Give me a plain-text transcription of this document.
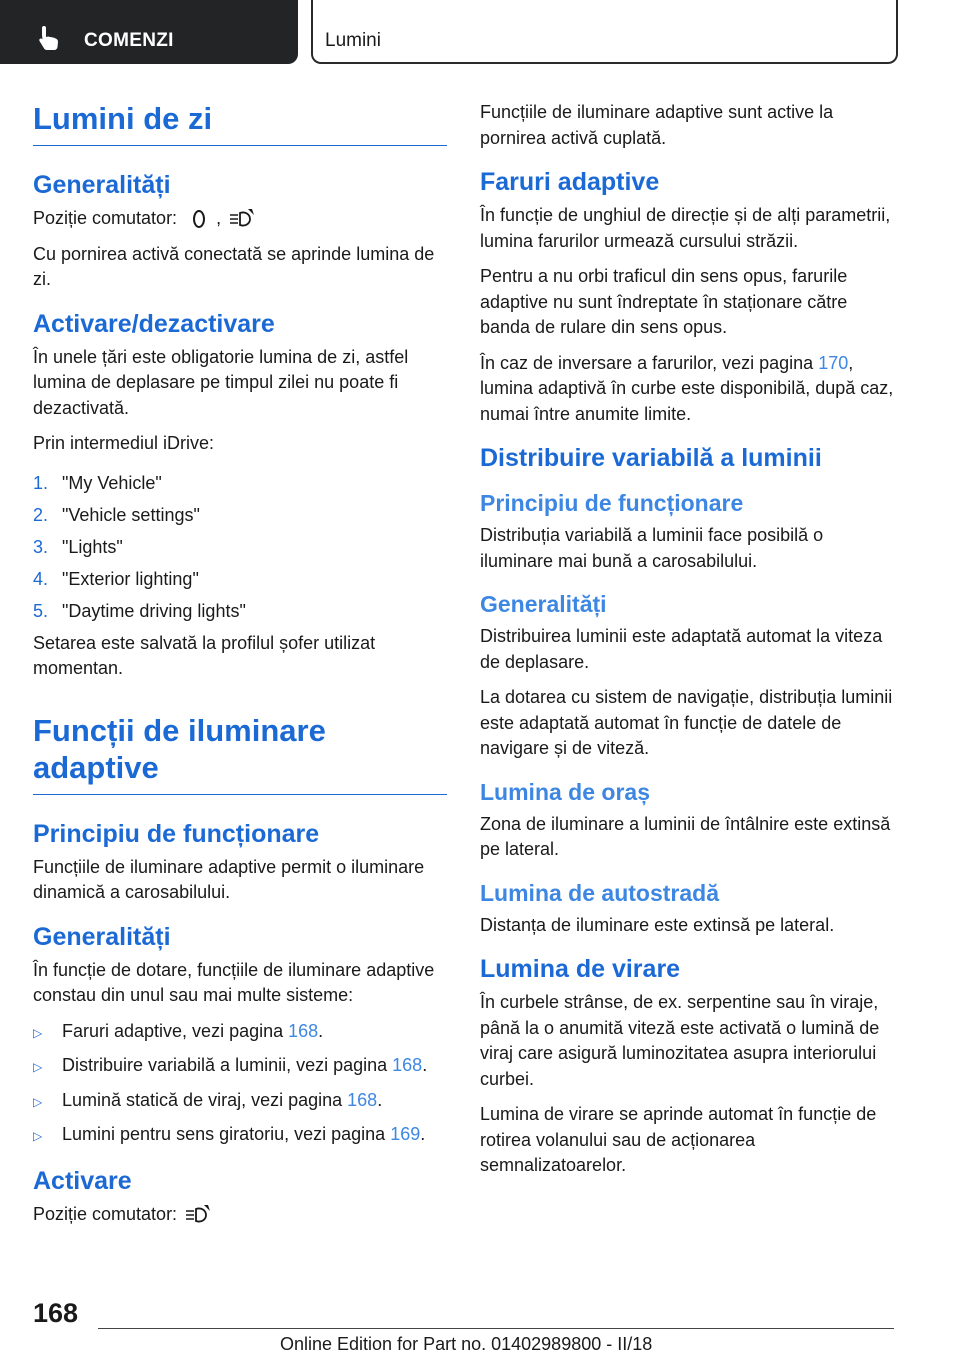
COMENZI	Lumini
Lumini de zi
Generalități

Poziție comutator: ,

Cu pornirea activă conectată se aprinde lumina de zi.

Activare/dezactivare

În unele țări este obligatorie lumina de zi, astfel lumina de deplasare pe timpul zilei nu poate fi dezactivată.

Prin intermediul iDrive:

1. "My Vehicle"
2. "Vehicle settings"
3. "Lights"
4. "Exterior lighting"
5. "Daytime driving lights"

Setarea este salvată la profilul șofer utilizat momentan.

Funcții de iluminare adaptive
Principiu de funcționare

Funcțiile de iluminare adaptive permit o iluminare dinamică a carosabilului.

Generalități

În funcție de dotare, funcțiile de iluminare adaptive constau din unul sau mai multe sisteme:

▷	Faruri adaptive, vezi pagina 168.
▷	Distribuire variabilă a luminii, vezi pagina 168.
▷	Lumină statică de viraj, vezi pagina 168.
▷	Lumini pentru sens giratoriu, vezi pagina 169.
Activare

Poziție comutator:

Funcțiile de iluminare adaptive sunt active la pornirea activă cuplată.

Faruri adaptive

În funcție de unghiul de direcție și de alți parametrii, lumina farurilor urmează cursului străzii.

Pentru a nu orbi traficul din sens opus, farurile adaptive nu sunt îndreptate în staționare către banda de rulare din sens opus.

În caz de inversare a farurilor, vezi pagina 170, lumina adaptivă în curbe este disponibilă, după caz, numai între anumite limite.

Distribuire variabilă a luminii
Principiu de funcționare

Distribuția variabilă a luminii face posibilă o iluminare mai bună a carosabilului.

Generalități

Distribuirea luminii este adaptată automat la viteza de deplasare.

La dotarea cu sistem de navigație, distribuția luminii este adaptată automat în funcție de datele de navigare și de viteză.

Lumina de oraș

Zona de iluminare a luminii de întâlnire este extinsă pe lateral.

Lumina de autostradă

Distanța de iluminare este extinsă pe lateral.

Lumina de virare

În curbele strânse, de ex. serpentine sau în viraje, până la o anumită viteză este activată o lumină de viraj care asigură luminozitatea asupra interiorului curbei.

Lumina de virare se aprinde automat în funcție de rotirea volanului sau de acționarea semnalizatoarelor.

168
Online Edition for Part no. 01402989800 - II/18
